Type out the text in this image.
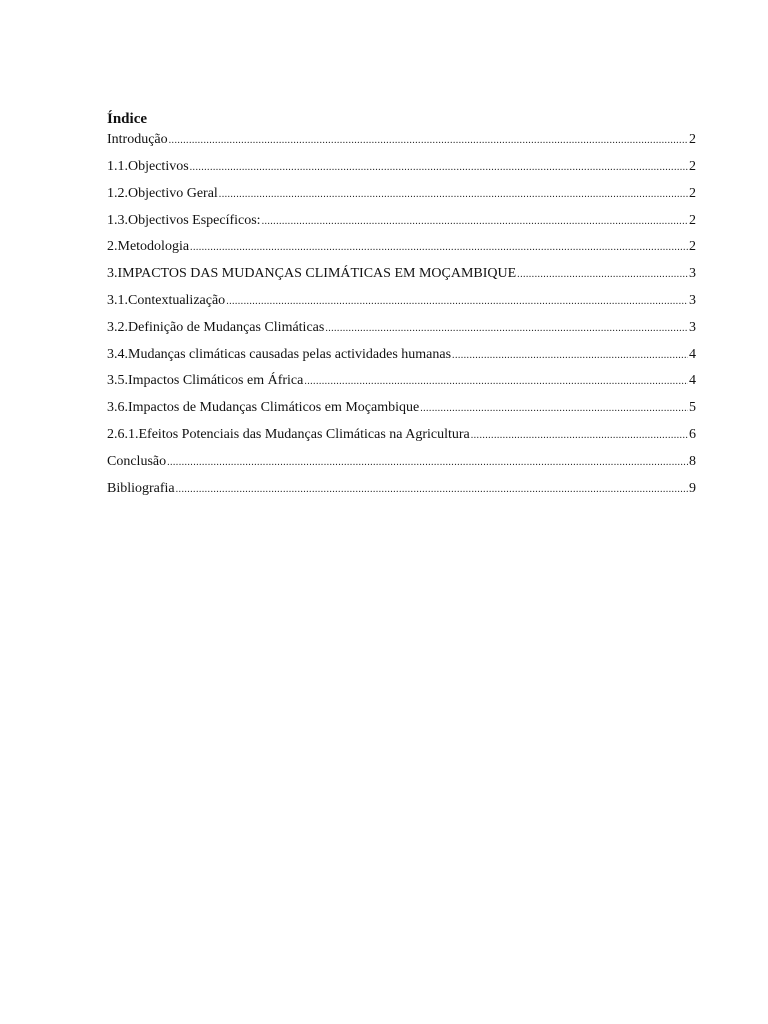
Índice
Introdução .....	2
1.1.Objectivos .....	2
1.2.Objectivo Geral .....	2
1.3.Objectivos Específicos: .....	2
2.Metodologia .....	2
3.IMPACTOS DAS MUDANÇAS CLIMÁTICAS EM MOÇAMBIQUE .....	3
3.1.Contextualização .....	3
3.2.Definição de Mudanças Climáticas .....	3
3.4.Mudanças climáticas causadas pelas actividades humanas .....	4
3.5.Impactos Climáticos em África .....	4
3.6.Impactos de Mudanças Climáticos em Moçambique .....	5
2.6.1.Efeitos Potenciais das Mudanças Climáticas na Agricultura .....	6
Conclusão .....	8
Bibliografia .....	9
